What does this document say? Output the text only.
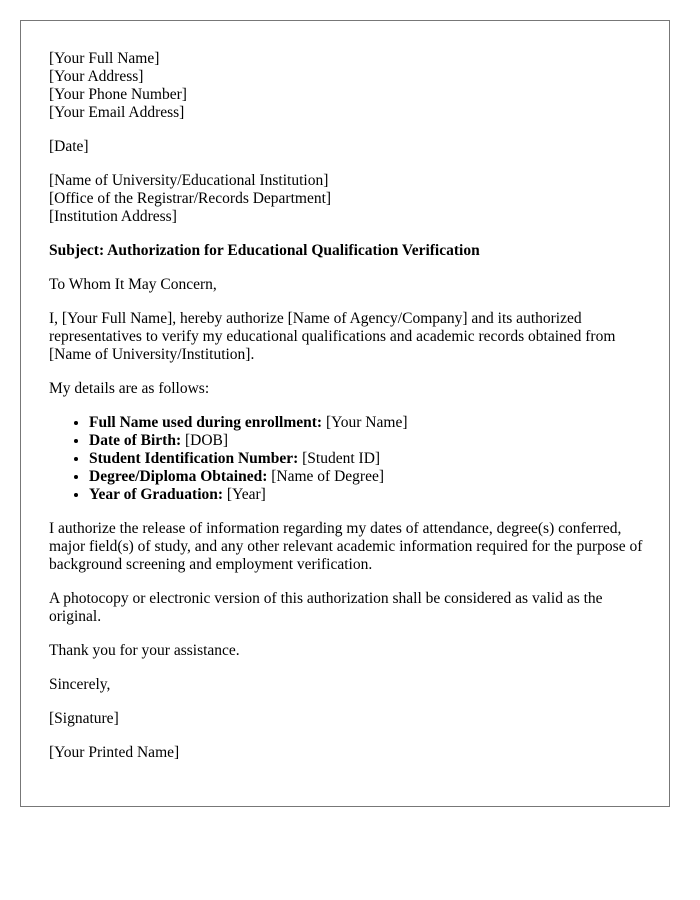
[Your Full Name]

[Your Address]

[Your Phone Number]

[Your Email Address]

[Date]

[Name of University/Educational Institution]

[Office of the Registrar/Records Department]

[Institution Address]

Subject: Authorization for Educational Qualification Verification

To Whom It May Concern,

I, [Your Full Name], hereby authorize [Name of Agency/Company] and its authorized representatives to verify my educational qualifications and academic records obtained from [Name of University/Institution].

My details are as follows:

• Full Name used during enrollment: [Your Name]
• Date of Birth: [DOB]
• Student Identification Number: [Student ID]
• Degree/Diploma Obtained: [Name of Degree]
• Year of Graduation: [Year]

I authorize the release of information regarding my dates of attendance, degree(s) conferred, major field(s) of study, and any other relevant academic information required for the purpose of background screening and employment verification.

A photocopy or electronic version of this authorization shall be considered as valid as the original.

Thank you for your assistance.

Sincerely,

[Signature]

[Your Printed Name]
